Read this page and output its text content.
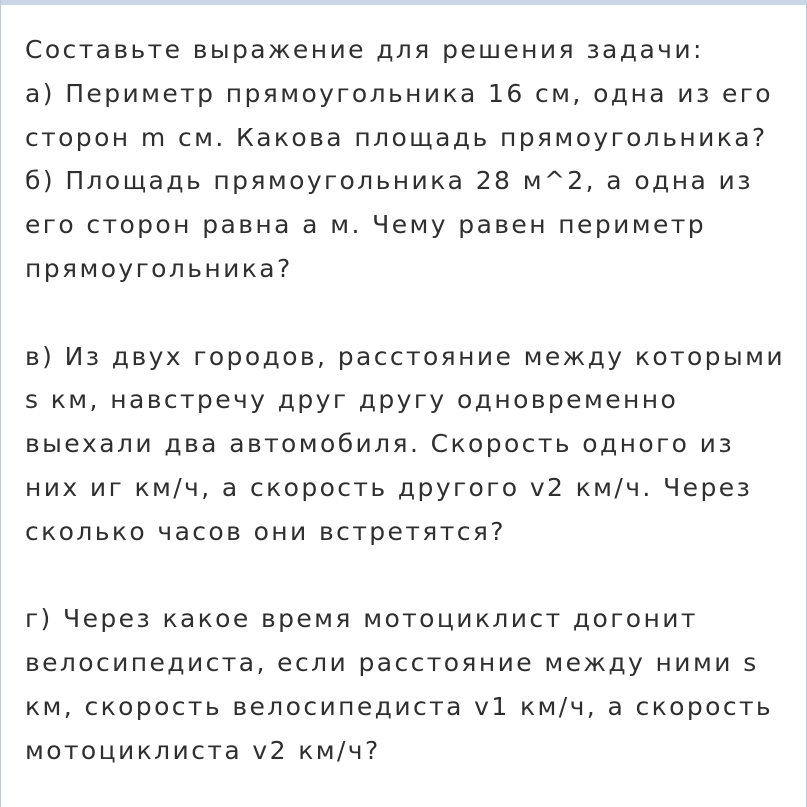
Составьте выражение для решения задачи:
а) Периметр прямоугольника 16 см, одна из его
сторон m см. Какова площадь прямоугольника?
б) Площадь прямоугольника 28 м^2, а одна из
его сторон равна а м. Чему равен периметр
прямоугольника?
в) Из двух городов, расстояние между которыми
s км, навстречу друг другу одновременно
выехали два автомобиля. Скорость одного из
них иг км/ч, а скорость другого v2 км/ч. Через
сколько часов они встретятся?
г) Через какое время мотоциклист догонит
велосипедиста, если расстояние между ними s
км, скорость велосипедиста v1 км/ч, а скорость
мотоциклиста v2 км/ч?
